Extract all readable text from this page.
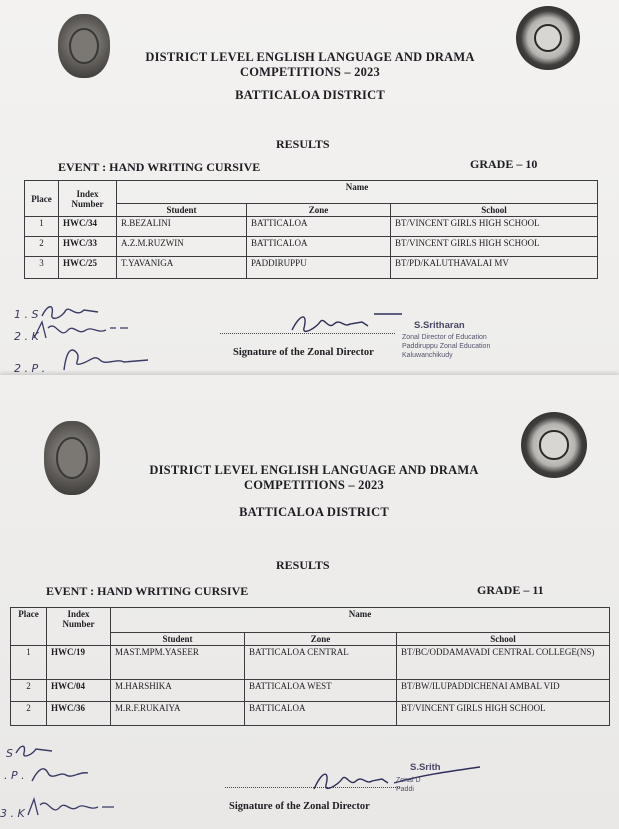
DISTRICT LEVEL ENGLISH LANGUAGE AND DRAMA
COMPETITIONS – 2023
BATTICALOA DISTRICT
RESULTS
EVENT : HAND WRITING CURSIVE	GRADE – 10
Place	Index Number	Name		
		Student	Zone	School
1	HWC/34	R.BEZALINI	BATTICALOA	BT/VINCENT GIRLS HIGH SCHOOL
2	HWC/33	A.Z.M.RUZWIN	BATTICALOA	BT/VINCENT GIRLS HIGH SCHOOL
3	HWC/25	T.YAVANIGA	PADDIRUPPU	BT/PD/KALUTHAVALAI MV
1 . S
2 . K
2 . P .
Signature of the Zonal Director
S.Sritharan
Zonal Director of Education
Paddiruppu Zonal Education
Kaluwanchikudy
DISTRICT LEVEL ENGLISH LANGUAGE AND DRAMA
COMPETITIONS – 2023
BATTICALOA DISTRICT
RESULTS
EVENT : HAND WRITING CURSIVE	GRADE – 11
Place	Index Number	Name		
		Student	Zone	School
1	HWC/19	MAST.MPM.YASEER	BATTICALOA CENTRAL	BT/BC/ODDAMAVADI CENTRAL COLLEGE(NS)
2	HWC/04	M.HARSHIKA	BATTICALOA WEST	BT/BW/ILUPADDICHENAI AMBAL VID
2	HWC/36	M.R.F.RUKAIYA	BATTICALOA	BT/VINCENT GIRLS HIGH SCHOOL
S
. P .
3 . K
Signature of the Zonal Director
S.Srith
Zonal D
Paddi
